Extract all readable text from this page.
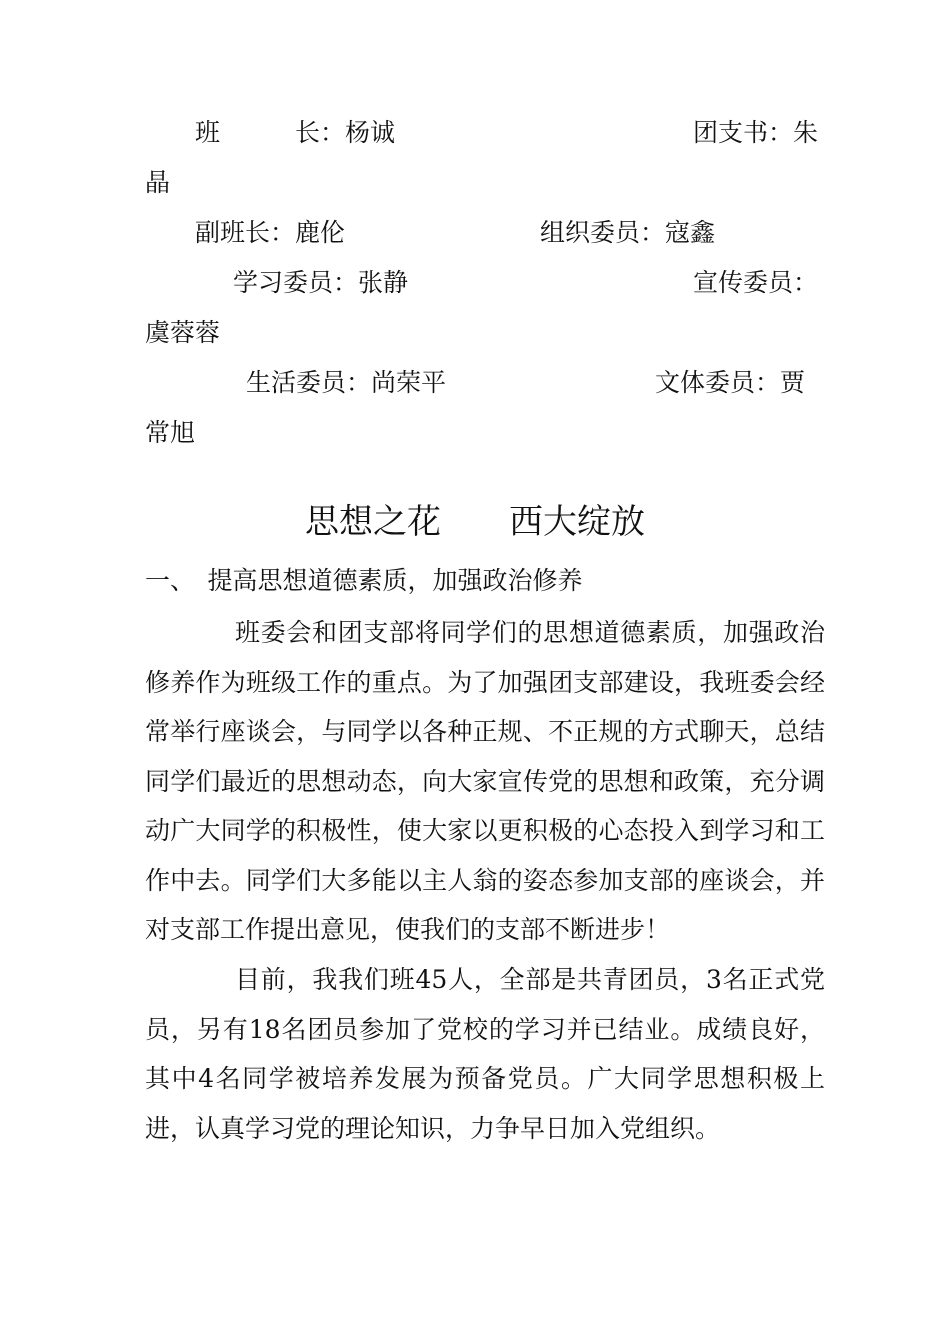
班　　　长：杨诚	团支书：朱
晶
副班长：鹿伦	组织委员：寇鑫
学习委员：张静	宣传委员：
虞蓉蓉
生活委员：尚荣平	文体委员：贾
常旭
思想之花　　西大绽放
一、　提高思想道德素质，加强政治修养
班委会和团支部将同学们的思想道德素质，加强政治修养作为班级工作的重点。为了加强团支部建设，我班委会经常举行座谈会，与同学以各种正规、不正规的方式聊天，总结同学们最近的思想动态，向大家宣传党的思想和政策，充分调动广大同学的积极性，使大家以更积极的心态投入到学习和工作中去。同学们大多能以主人翁的姿态参加支部的座谈会，并对支部工作提出意见，使我们的支部不断进步！
目前，我我们班45人，全部是共青团员，3名正式党员，另有18名团员参加了党校的学习并已结业。成绩良好，其中4名同学被培养发展为预备党员。广大同学思想积极上进，认真学习党的理论知识，力争早日加入党组织。
